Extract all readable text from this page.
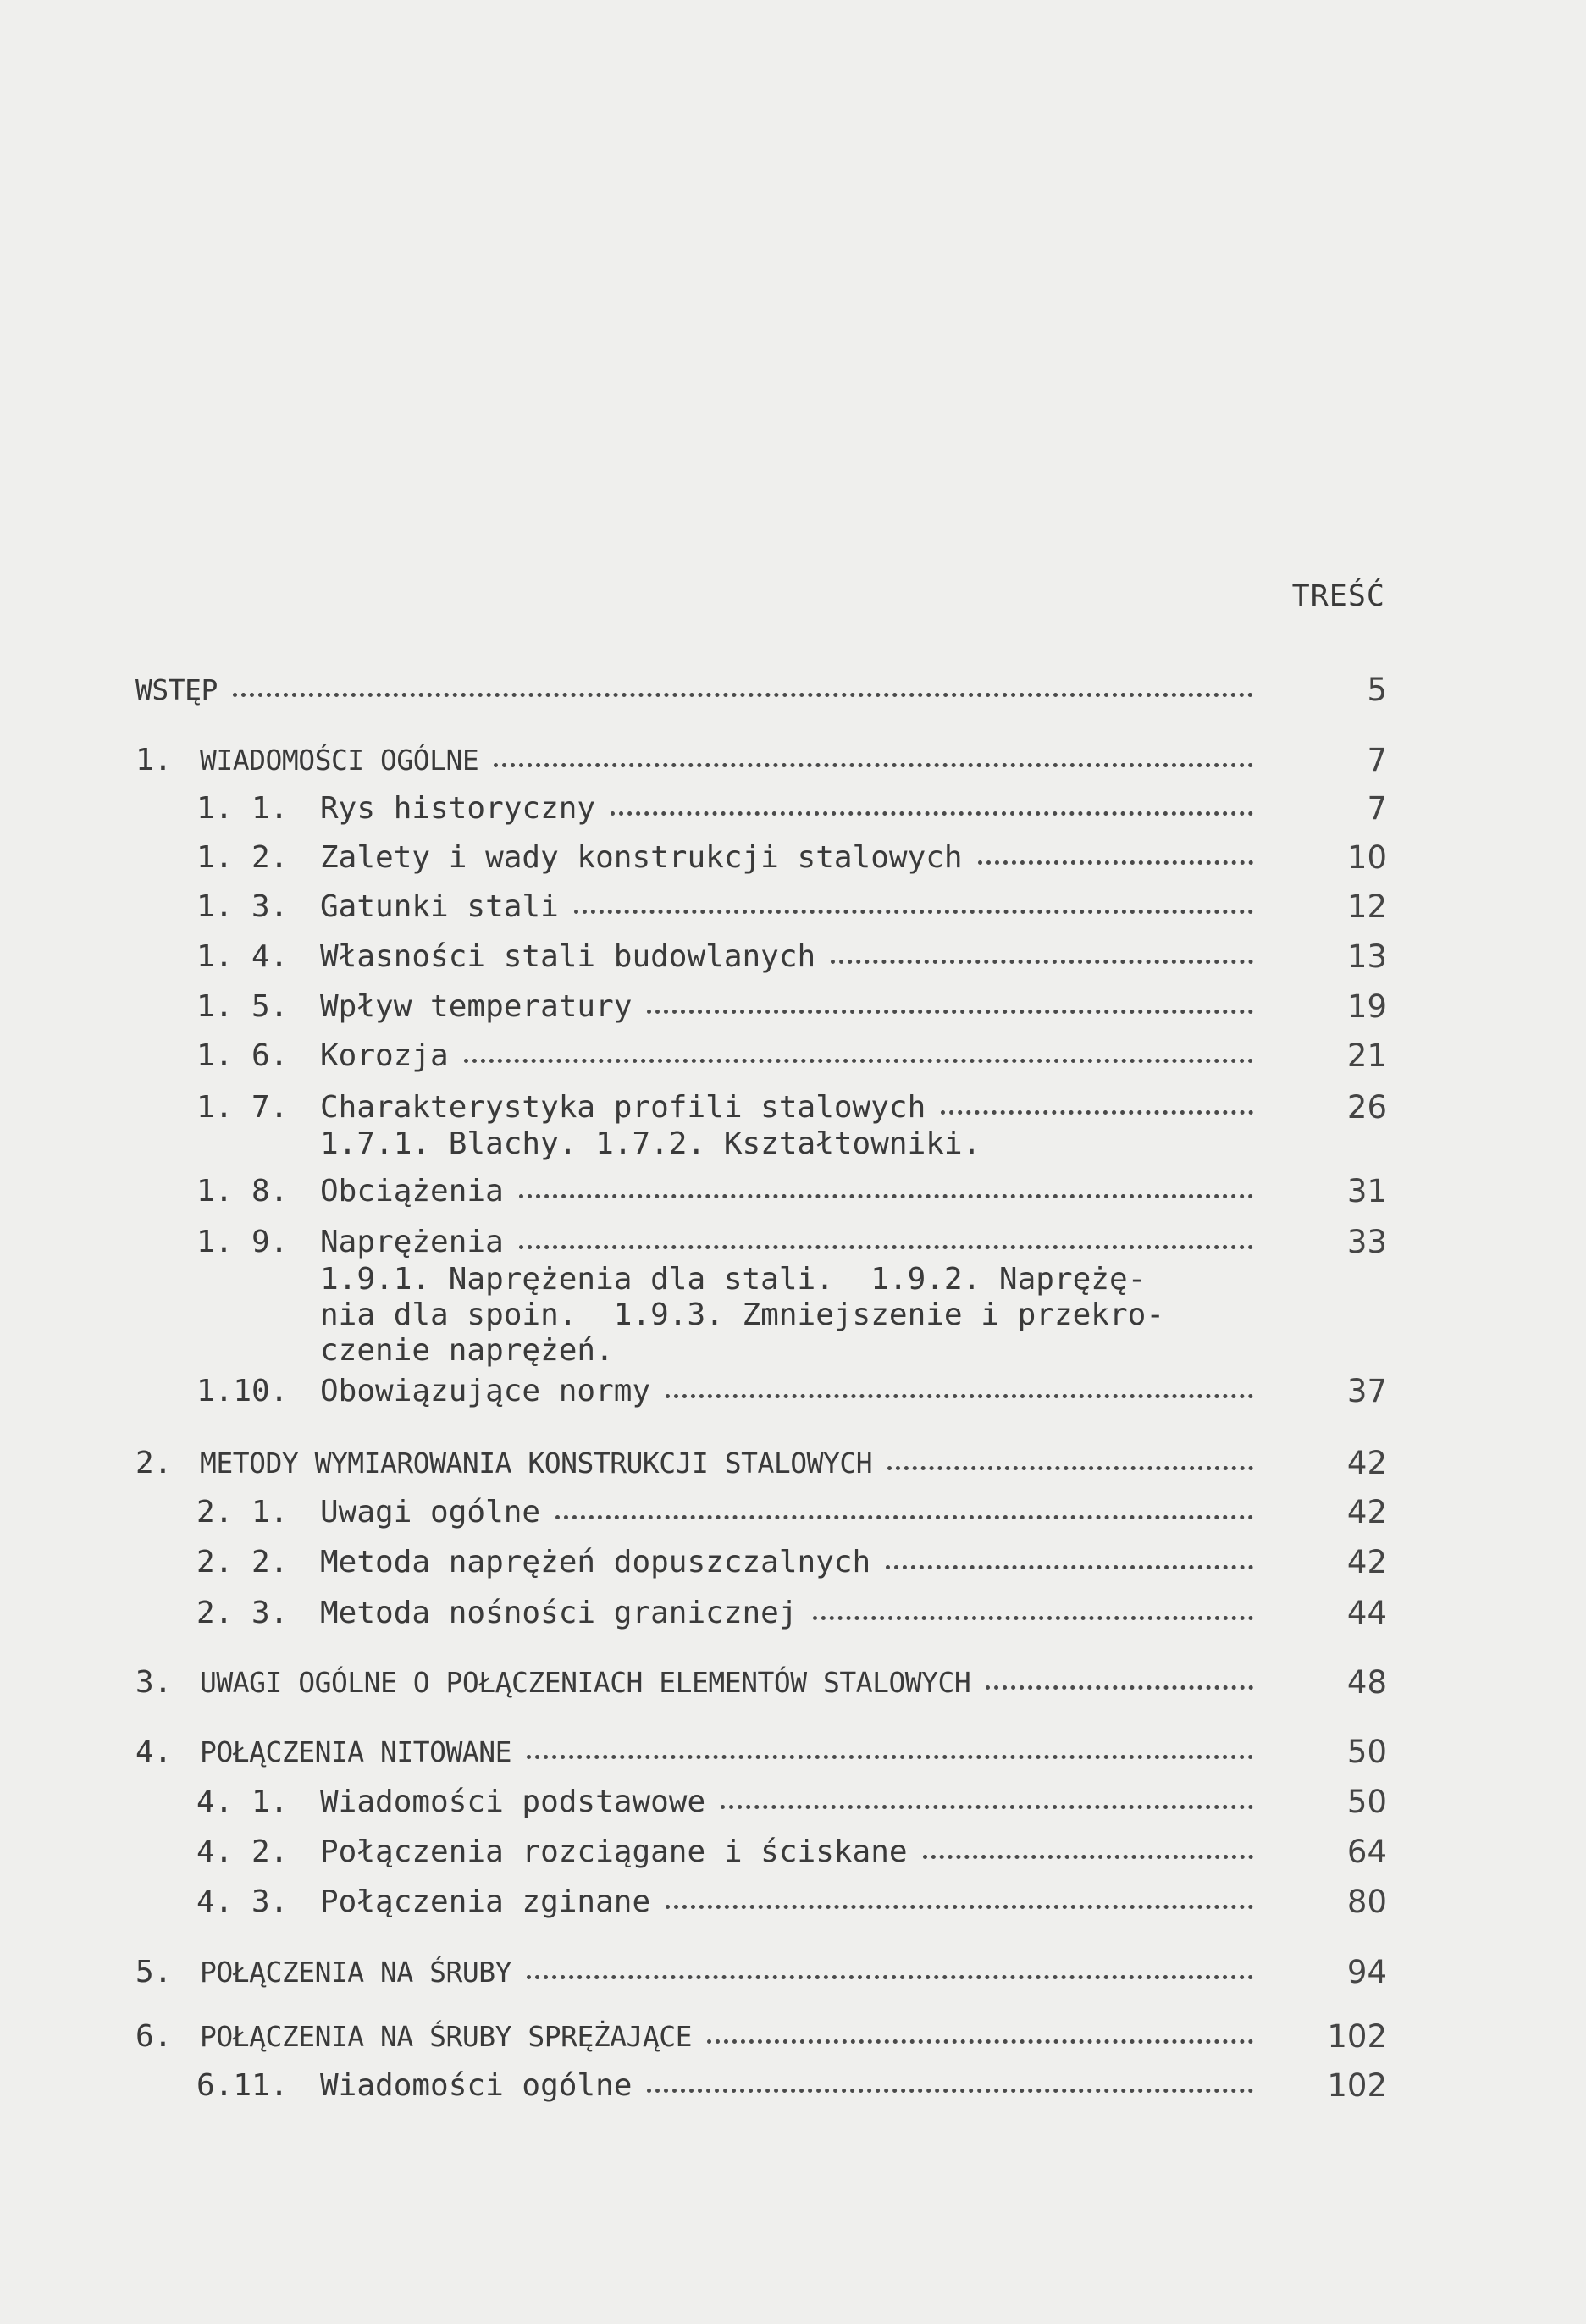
TREŚĆ
WSTĘP	5
1. WIADOMOŚCI OGÓLNE	7
1. 1. Rys historyczny	7
1. 2. Zalety i wady konstrukcji stalowych	10
1. 3. Gatunki stali	12
1. 4. Własności stali budowlanych	13
1. 5. Wpływ temperatury	19
1. 6. Korozja	21
1. 7. Charakterystyka profili stalowych	26
1.7.1. Blachy. 1.7.2. Kształtowniki.
1. 8. Obciążenia	31
1. 9. Naprężenia	33
1.9.1. Naprężenia dla stali.  1.9.2. Naprężę-
nia dla spoin.  1.9.3. Zmniejszenie i przekro-
czenie naprężeń.
1.10. Obowiązujące normy	37
2. METODY WYMIAROWANIA KONSTRUKCJI STALOWYCH	42
2. 1. Uwagi ogólne	42
2. 2. Metoda naprężeń dopuszczalnych	42
2. 3. Metoda nośności granicznej	44
3. UWAGI OGÓLNE O POŁĄCZENIACH ELEMENTÓW STALOWYCH	48
4. POŁĄCZENIA NITOWANE	50
4. 1. Wiadomości podstawowe	50
4. 2. Połączenia rozciągane i ściskane	64
4. 3. Połączenia zginane	80
5. POŁĄCZENIA NA ŚRUBY	94
6. POŁĄCZENIA NA ŚRUBY SPRĘŻAJĄCE	102
6.11. Wiadomości ogólne	102
